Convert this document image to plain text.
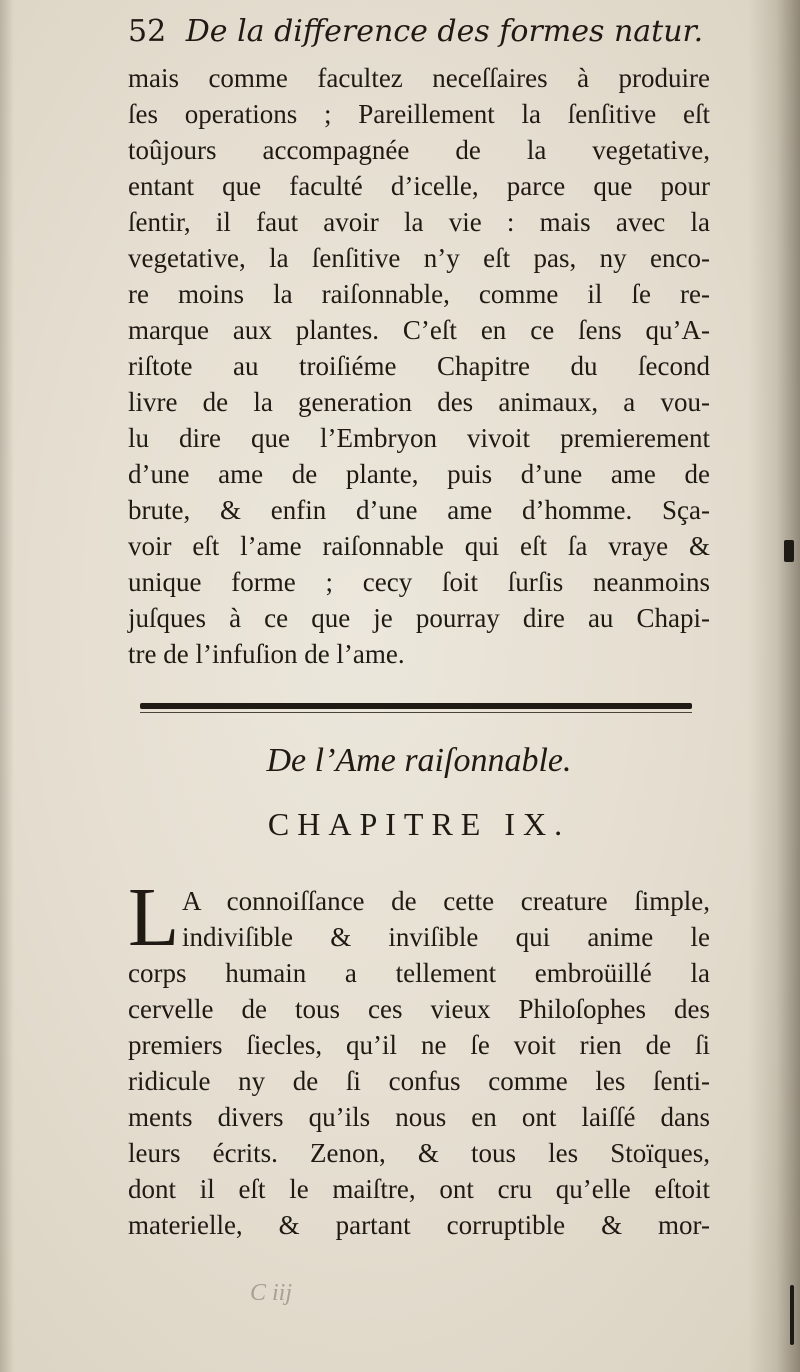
52 De la difference des formes natur.
mais comme facultez neceſſaires à produire
ſes operations ; Pareillement la ſenſitive eſt
toûjours accompagnée de la vegetative,
entant que faculté d’icelle, parce que pour
ſentir, il faut avoir la vie : mais avec la
vegetative, la ſenſitive n’y eſt pas, ny enco-
re moins la raiſonnable, comme il ſe re-
marque aux plantes. C’eſt en ce ſens qu’A-
riſtote au troiſiéme Chapitre du ſecond
livre de la generation des animaux, a vou-
lu dire que l’Embryon vivoit premierement
d’une ame de plante, puis d’une ame de
brute, & enfin d’une ame d’homme. Sça-
voir eſt l’ame raiſonnable qui eſt ſa vraye &
unique forme ; cecy ſoit ſurſis neanmoins
juſques à ce que je pourray dire au Chapi-
tre de l’infuſion de l’ame.
De l’Ame raiſonnable.
CHAPITRE IX.
L A connoiſſance de cette creature ſimple,
indiviſible & inviſible qui anime le
corps humain a tellement embroüillé la
cervelle de tous ces vieux Philoſophes des
premiers ſiecles, qu’il ne ſe voit rien de ſi
ridicule ny de ſi confus comme les ſenti-
ments divers qu’ils nous en ont laiſſé dans
leurs écrits. Zenon, & tous les Stoïques,
dont il eſt le maiſtre, ont cru qu’elle eſtoit
materielle, & partant corruptible & mor-
C iij
